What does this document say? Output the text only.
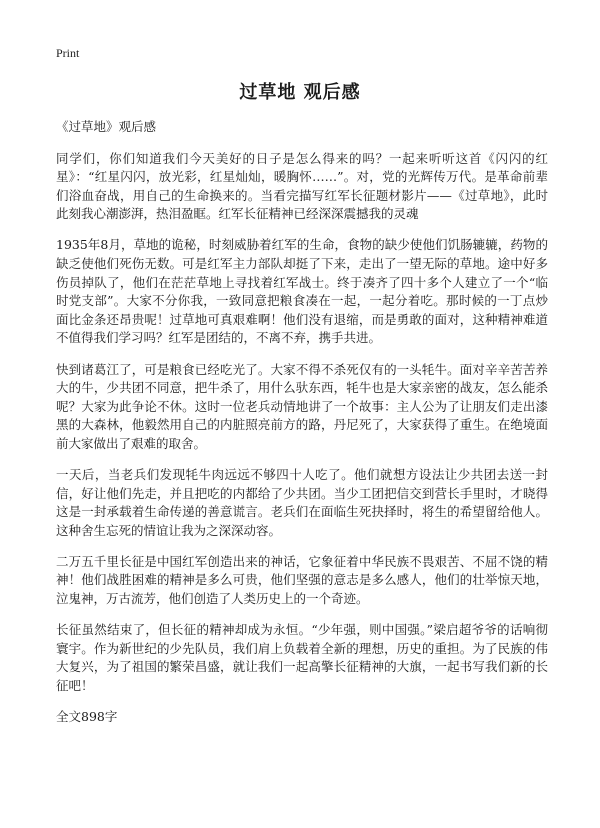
Print
过草地 观后感

《过草地》观后感

同学们，你们知道我们今天美好的日子是怎么得来的吗？一起来听听这首《闪闪的红星》：“红星闪闪，放光彩，红星灿灿，暖胸怀……”。对，党的光辉传万代。是革命前辈们浴血奋战，用自己的生命换来的。当看完描写红军长征题材影片——《过草地》，此时此刻我心潮澎湃，热泪盈眶。红军长征精神已经深深震撼我的灵魂

1935年8月，草地的诡秘，时刻威胁着红军的生命，食物的缺少使他们饥肠辘辘，药物的缺乏使他们死伤无数。可是红军主力部队却挺了下来，走出了一望无际的草地。途中好多伤员掉队了，他们在茫茫草地上寻找着红军战士。终于凑齐了四十多个人建立了一个“临时党支部”。大家不分你我，一致同意把粮食凑在一起，一起分着吃。那时候的一丁点炒面比金条还昂贵呢！过草地可真艰难啊！他们没有退缩，而是勇敢的面对，这种精神难道不值得我们学习吗？红军是团结的，不离不弃，携手共进。

快到诸葛江了，可是粮食已经吃光了。大家不得不杀死仅有的一头牦牛。面对辛辛苦苦养大的牛，少共团不同意，把牛杀了，用什么驮东西，牦牛也是大家亲密的战友，怎么能杀呢？大家为此争论不休。这时一位老兵动情地讲了一个故事：主人公为了让朋友们走出漆黑的大森林，他毅然用自己的内脏照亮前方的路，丹尼死了，大家获得了重生。在绝境面前大家做出了艰难的取舍。

一天后，当老兵们发现牦牛肉远远不够四十人吃了。他们就想方设法让少共团去送一封信，好让他们先走，并且把吃的内都给了少共团。当少工团把信交到营长手里时，才晓得这是一封承载着生命传递的善意谎言。老兵们在面临生死抉择时，将生的希望留给他人。这种舍生忘死的情谊让我为之深深动容。

二万五千里长征是中国红军创造出来的神话，它象征着中华民族不畏艰苦、不屈不饶的精神！他们战胜困难的精神是多么可贵，他们坚强的意志是多么感人，他们的壮举惊天地，泣鬼神，万古流芳，他们创造了人类历史上的一个奇迹。

长征虽然结束了，但长征的精神却成为永恒。“少年强，则中国强。”梁启超爷爷的话响彻寰宇。作为新世纪的少先队员，我们肩上负载着全新的理想，历史的重担。为了民族的伟大复兴，为了祖国的繁荣昌盛，就让我们一起高擎长征精神的大旗，一起书写我们新的长征吧！

全文898字
